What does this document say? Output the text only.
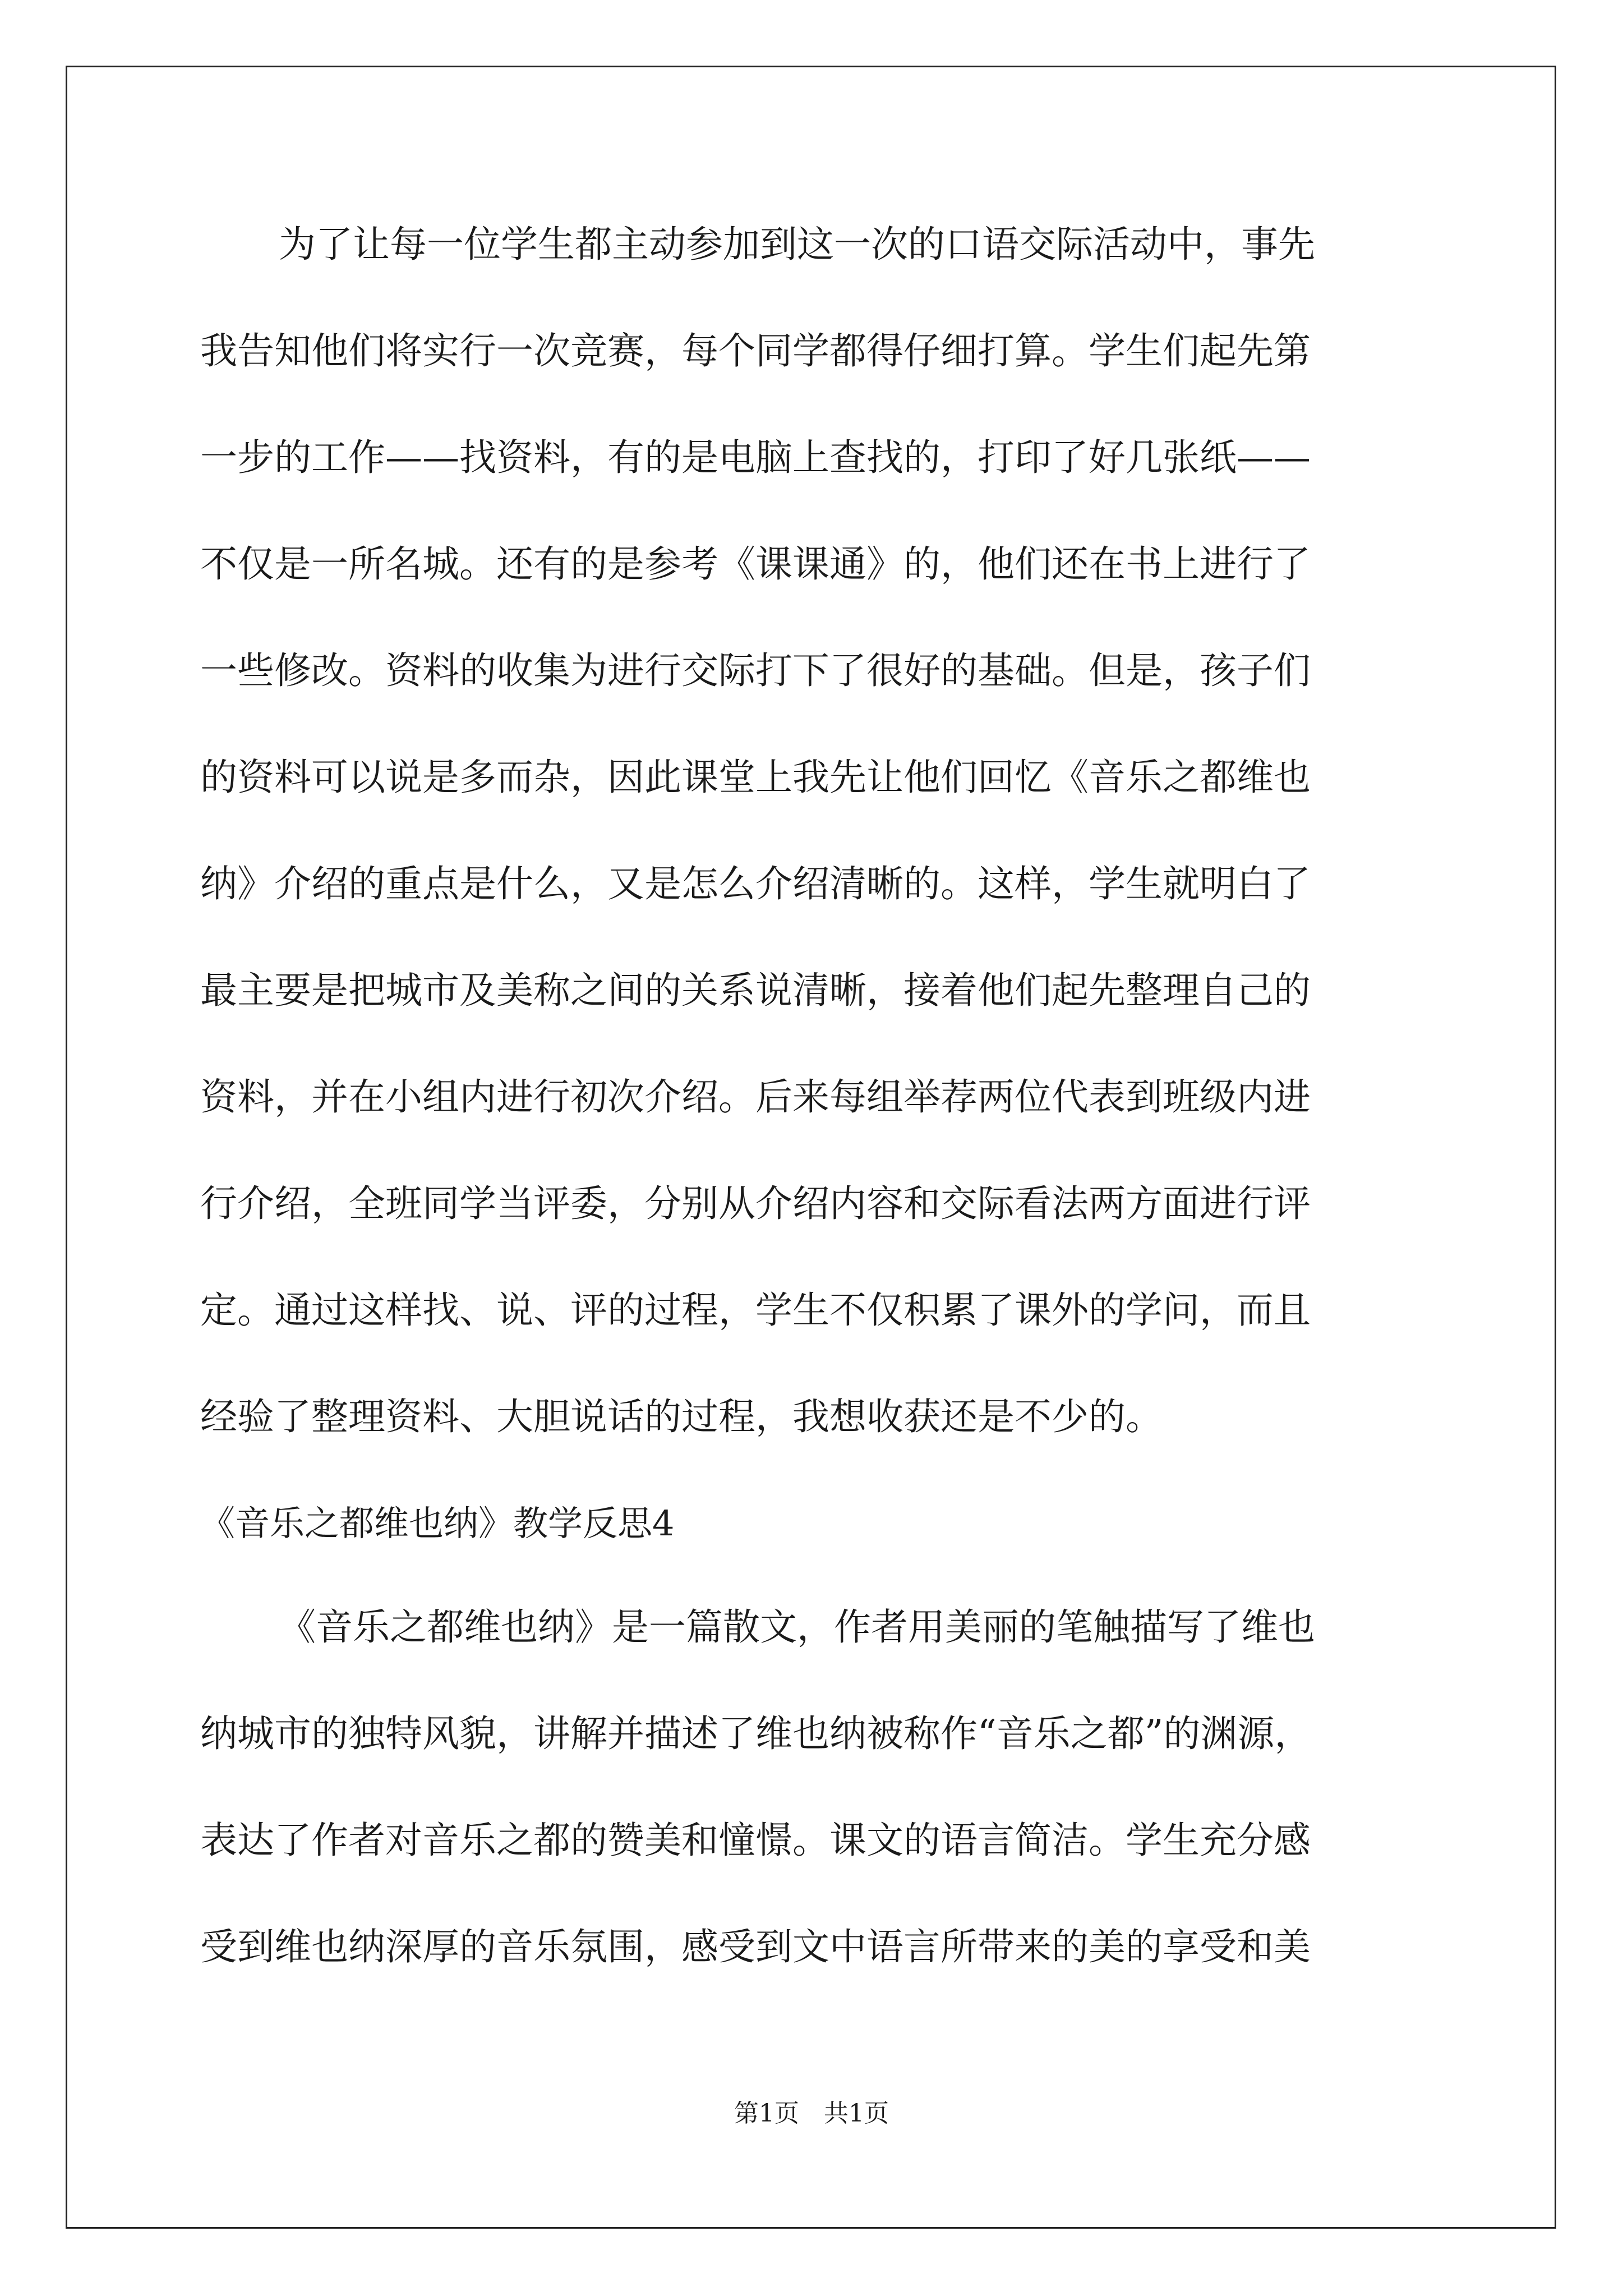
为了让每一位学生都主动参加到这一次的口语交际活动中，事先
我告知他们将实行一次竞赛，每个同学都得仔细打算。学生们起先第
一步的工作——找资料，有的是电脑上查找的，打印了好几张纸——
不仅是一所名城。还有的是参考《课课通》的，他们还在书上进行了
一些修改。资料的收集为进行交际打下了很好的基础。但是，孩子们
的资料可以说是多而杂，因此课堂上我先让他们回忆《音乐之都维也
纳》介绍的重点是什么，又是怎么介绍清晰的。这样，学生就明白了
最主要是把城市及美称之间的关系说清晰，接着他们起先整理自己的
资料，并在小组内进行初次介绍。后来每组举荐两位代表到班级内进
行介绍，全班同学当评委，分别从介绍内容和交际看法两方面进行评
定。通过这样找、说、评的过程，学生不仅积累了课外的学问，而且
经验了整理资料、大胆说话的过程，我想收获还是不少的。
《音乐之都维也纳》教学反思4
《音乐之都维也纳》是一篇散文，作者用美丽的笔触描写了维也
纳城市的独特风貌，讲解并描述了维也纳被称作“音乐之都”的渊源，
表达了作者对音乐之都的赞美和憧憬。课文的语言简洁。学生充分感
受到维也纳深厚的音乐氛围，感受到文中语言所带来的美的享受和美
第1页　共1页
